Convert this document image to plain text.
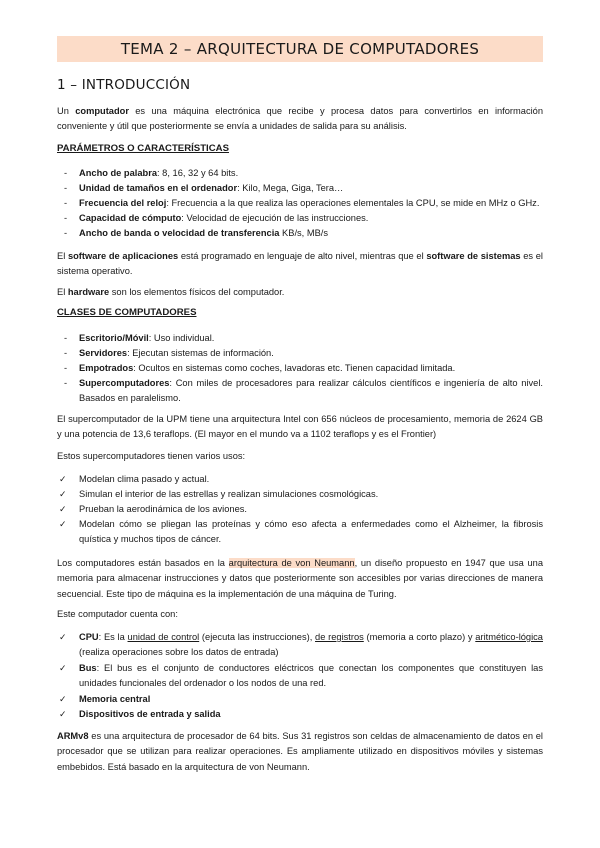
TEMA 2 – ARQUITECTURA DE COMPUTADORES
1 – INTRODUCCIÓN
Un computador es una máquina electrónica que recibe y procesa datos para convertirlos en información conveniente y útil que posteriormente se envía a unidades de salida para su análisis.
PARÁMETROS O CARACTERÍSTICAS
- Ancho de palabra: 8, 16, 32 y 64 bits.
- Unidad de tamaños en el ordenador: Kilo, Mega, Giga, Tera…
- Frecuencia del reloj: Frecuencia a la que realiza las operaciones elementales la CPU, se mide en MHz o GHz.
- Capacidad de cómputo: Velocidad de ejecución de las instrucciones.
- Ancho de banda o velocidad de transferencia KB/s, MB/s
El software de aplicaciones está programado en lenguaje de alto nivel, mientras que el software de sistemas es el sistema operativo.
El hardware son los elementos físicos del computador.
CLASES DE COMPUTADORES
- Escritorio/Móvil: Uso individual.
- Servidores: Ejecutan sistemas de información.
- Empotrados: Ocultos en sistemas como coches, lavadoras etc. Tienen capacidad limitada.
- Supercomputadores: Con miles de procesadores para realizar cálculos científicos e ingeniería de alto nivel. Basados en paralelismo.
El supercomputador de la UPM tiene una arquitectura Intel con 656 núcleos de procesamiento, memoria de 2624 GB y una potencia de 13,6 teraflops. (El mayor en el mundo va a 1102 teraflops y es el Frontier)
Estos supercomputadores tienen varios usos:
✓ Modelan clima pasado y actual.
✓ Simulan el interior de las estrellas y realizan simulaciones cosmológicas.
✓ Prueban la aerodinámica de los aviones.
✓ Modelan cómo se pliegan las proteínas y cómo eso afecta a enfermedades como el Alzheimer, la fibrosis quística y muchos tipos de cáncer.
Los computadores están basados en la arquitectura de von Neumann, un diseño propuesto en 1947 que usa una memoria para almacenar instrucciones y datos que posteriormente son accesibles por varias direcciones de manera secuencial. Este tipo de máquina es la implementación de una máquina de Turing.
Este computador cuenta con:
✓ CPU: Es la unidad de control (ejecuta las instrucciones), de registros (memoria a corto plazo) y aritmético-lógica (realiza operaciones sobre los datos de entrada)
✓ Bus: El bus es el conjunto de conductores eléctricos que conectan los componentes que constituyen las unidades funcionales del ordenador o los nodos de una red.
✓ Memoria central
✓ Dispositivos de entrada y salida
ARMv8 es una arquitectura de procesador de 64 bits. Sus 31 registros son celdas de almacenamiento de datos en el procesador que se utilizan para realizar operaciones. Es ampliamente utilizado en dispositivos móviles y sistemas embebidos. Está basado en la arquitectura de von Neumann.
